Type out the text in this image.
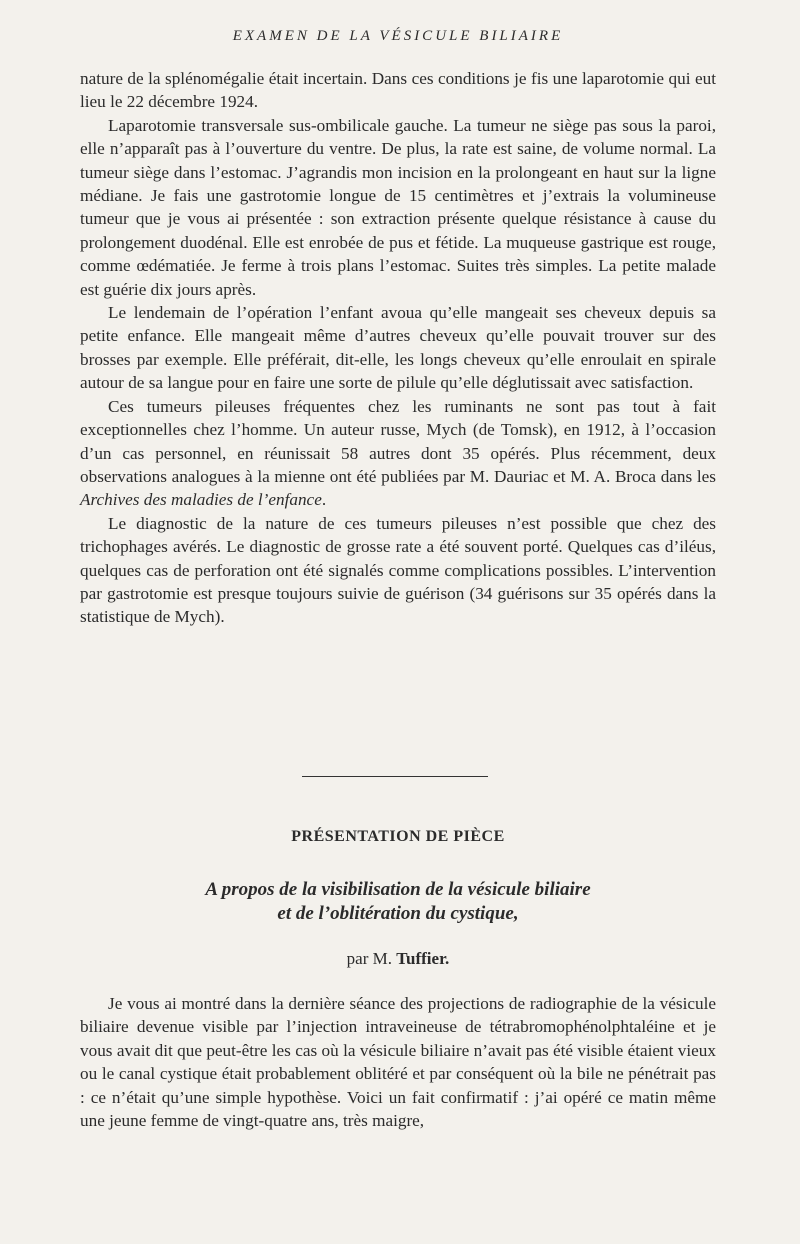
EXAMEN DE LA VÉSICULE BILIAIRE

nature de la splénomégalie était incertain. Dans ces conditions je fis une laparotomie qui eut lieu le 22 décembre 1924.

Laparotomie transversale sus-ombilicale gauche. La tumeur ne siège pas sous la paroi, elle n’apparaît pas à l’ouverture du ventre. De plus, la rate est saine, de volume normal. La tumeur siège dans l’estomac. J’agrandis mon incision en la prolongeant en haut sur la ligne médiane. Je fais une gastrotomie longue de 15 centimètres et j’extrais la volumineuse tumeur que je vous ai présentée : son extraction présente quelque résistance à cause du prolongement duodénal. Elle est enrobée de pus et fétide. La muqueuse gastrique est rouge, comme œdématiée. Je ferme à trois plans l’estomac. Suites très simples. La petite malade est guérie dix jours après.

Le lendemain de l’opération l’enfant avoua qu’elle mangeait ses cheveux depuis sa petite enfance. Elle mangeait même d’autres cheveux qu’elle pouvait trouver sur des brosses par exemple. Elle préférait, dit-elle, les longs cheveux qu’elle enroulait en spirale autour de sa langue pour en faire une sorte de pilule qu’elle déglutissait avec satisfaction.

Ces tumeurs pileuses fréquentes chez les ruminants ne sont pas tout à fait exceptionnelles chez l’homme. Un auteur russe, Mych (de Tomsk), en 1912, à l’occasion d’un cas personnel, en réunissait 58 autres dont 35 opérés. Plus récemment, deux observations analogues à la mienne ont été publiées par M. Dauriac et M. A. Broca dans les Archives des maladies de l’enfance.

Le diagnostic de la nature de ces tumeurs pileuses n’est possible que chez des trichophages avérés. Le diagnostic de grosse rate a été souvent porté. Quelques cas d’iléus, quelques cas de perforation ont été signalés comme complications possibles. L’intervention par gastrotomie est presque toujours suivie de guérison (34 guérisons sur 35 opérés dans la statistique de Mych).

PRÉSENTATION DE PIÈCE
A propos de la visibilisation de la vésicule biliaire
et de l’oblitération du cystique,
par M. Tuffier.

Je vous ai montré dans la dernière séance des projections de radiographie de la vésicule biliaire devenue visible par l’injection intraveineuse de tétrabromophénolphtaléine et je vous avait dit que peut-être les cas où la vésicule biliaire n’avait pas été visible étaient vieux ou le canal cystique était probablement oblitéré et par conséquent où la bile ne pénétrait pas : ce n’était qu’une simple hypothèse. Voici un fait confirmatif : j’ai opéré ce matin même une jeune femme de vingt-quatre ans, très maigre,
